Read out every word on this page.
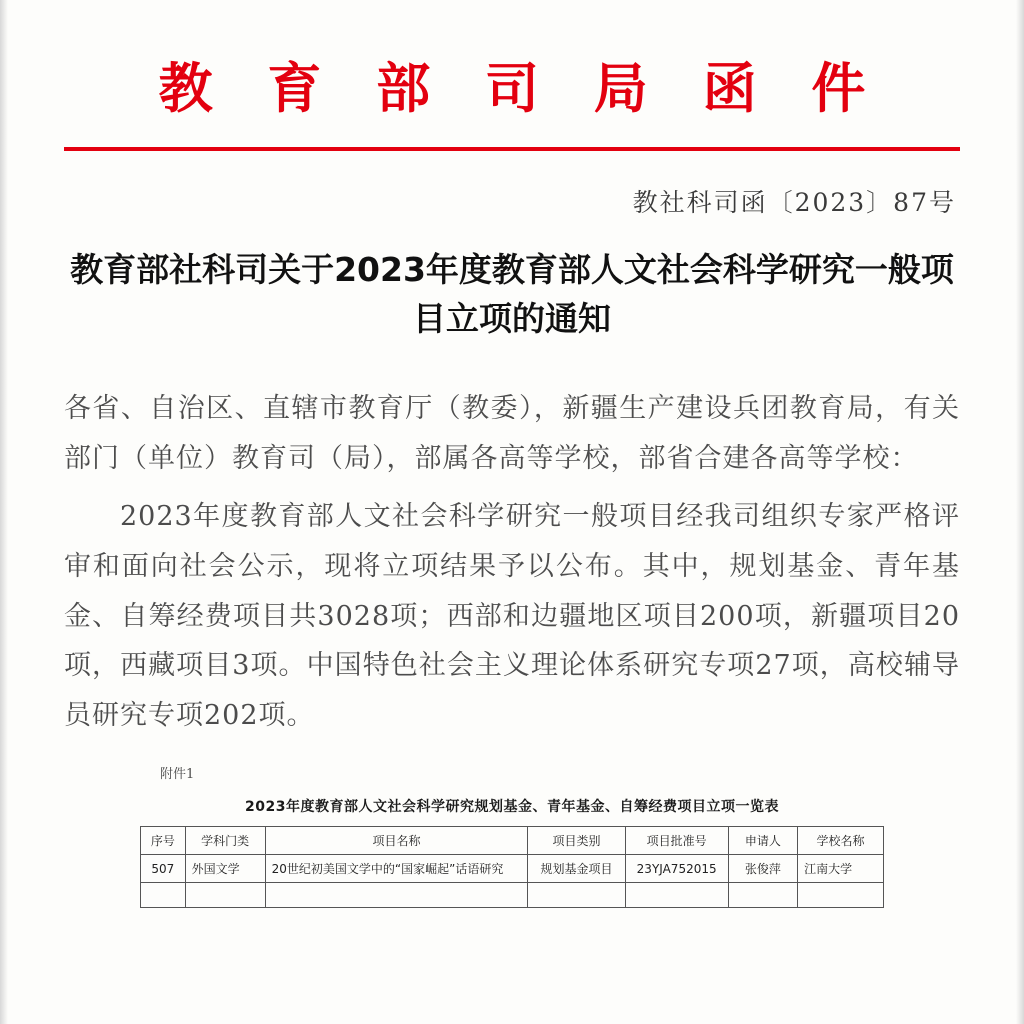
教 育 部 司 局 函 件
教社科司函〔2023〕87号
教育部社科司关于2023年度教育部人文社会科学研究一般项目立项的通知

各省、自治区、直辖市教育厅（教委），新疆生产建设兵团教育局，有关部门（单位）教育司（局），部属各高等学校，部省合建各高等学校：

2023年度教育部人文社会科学研究一般项目经我司组织专家严格评审和面向社会公示，现将立项结果予以公布。其中，规划基金、青年基金、自筹经费项目共3028项；西部和边疆地区项目200项，新疆项目20项，西藏项目3项。中国特色社会主义理论体系研究专项27项，高校辅导员研究专项202项。

附件1
2023年度教育部人文社会科学研究规划基金、青年基金、自筹经费项目立项一览表
序号	学科门类	项目名称	项目类别	项目批准号	申请人	学校名称
507	外国文学	20世纪初美国文学中的“国家崛起”话语研究	规划基金项目	23YJA752015	张俊萍	江南大学
